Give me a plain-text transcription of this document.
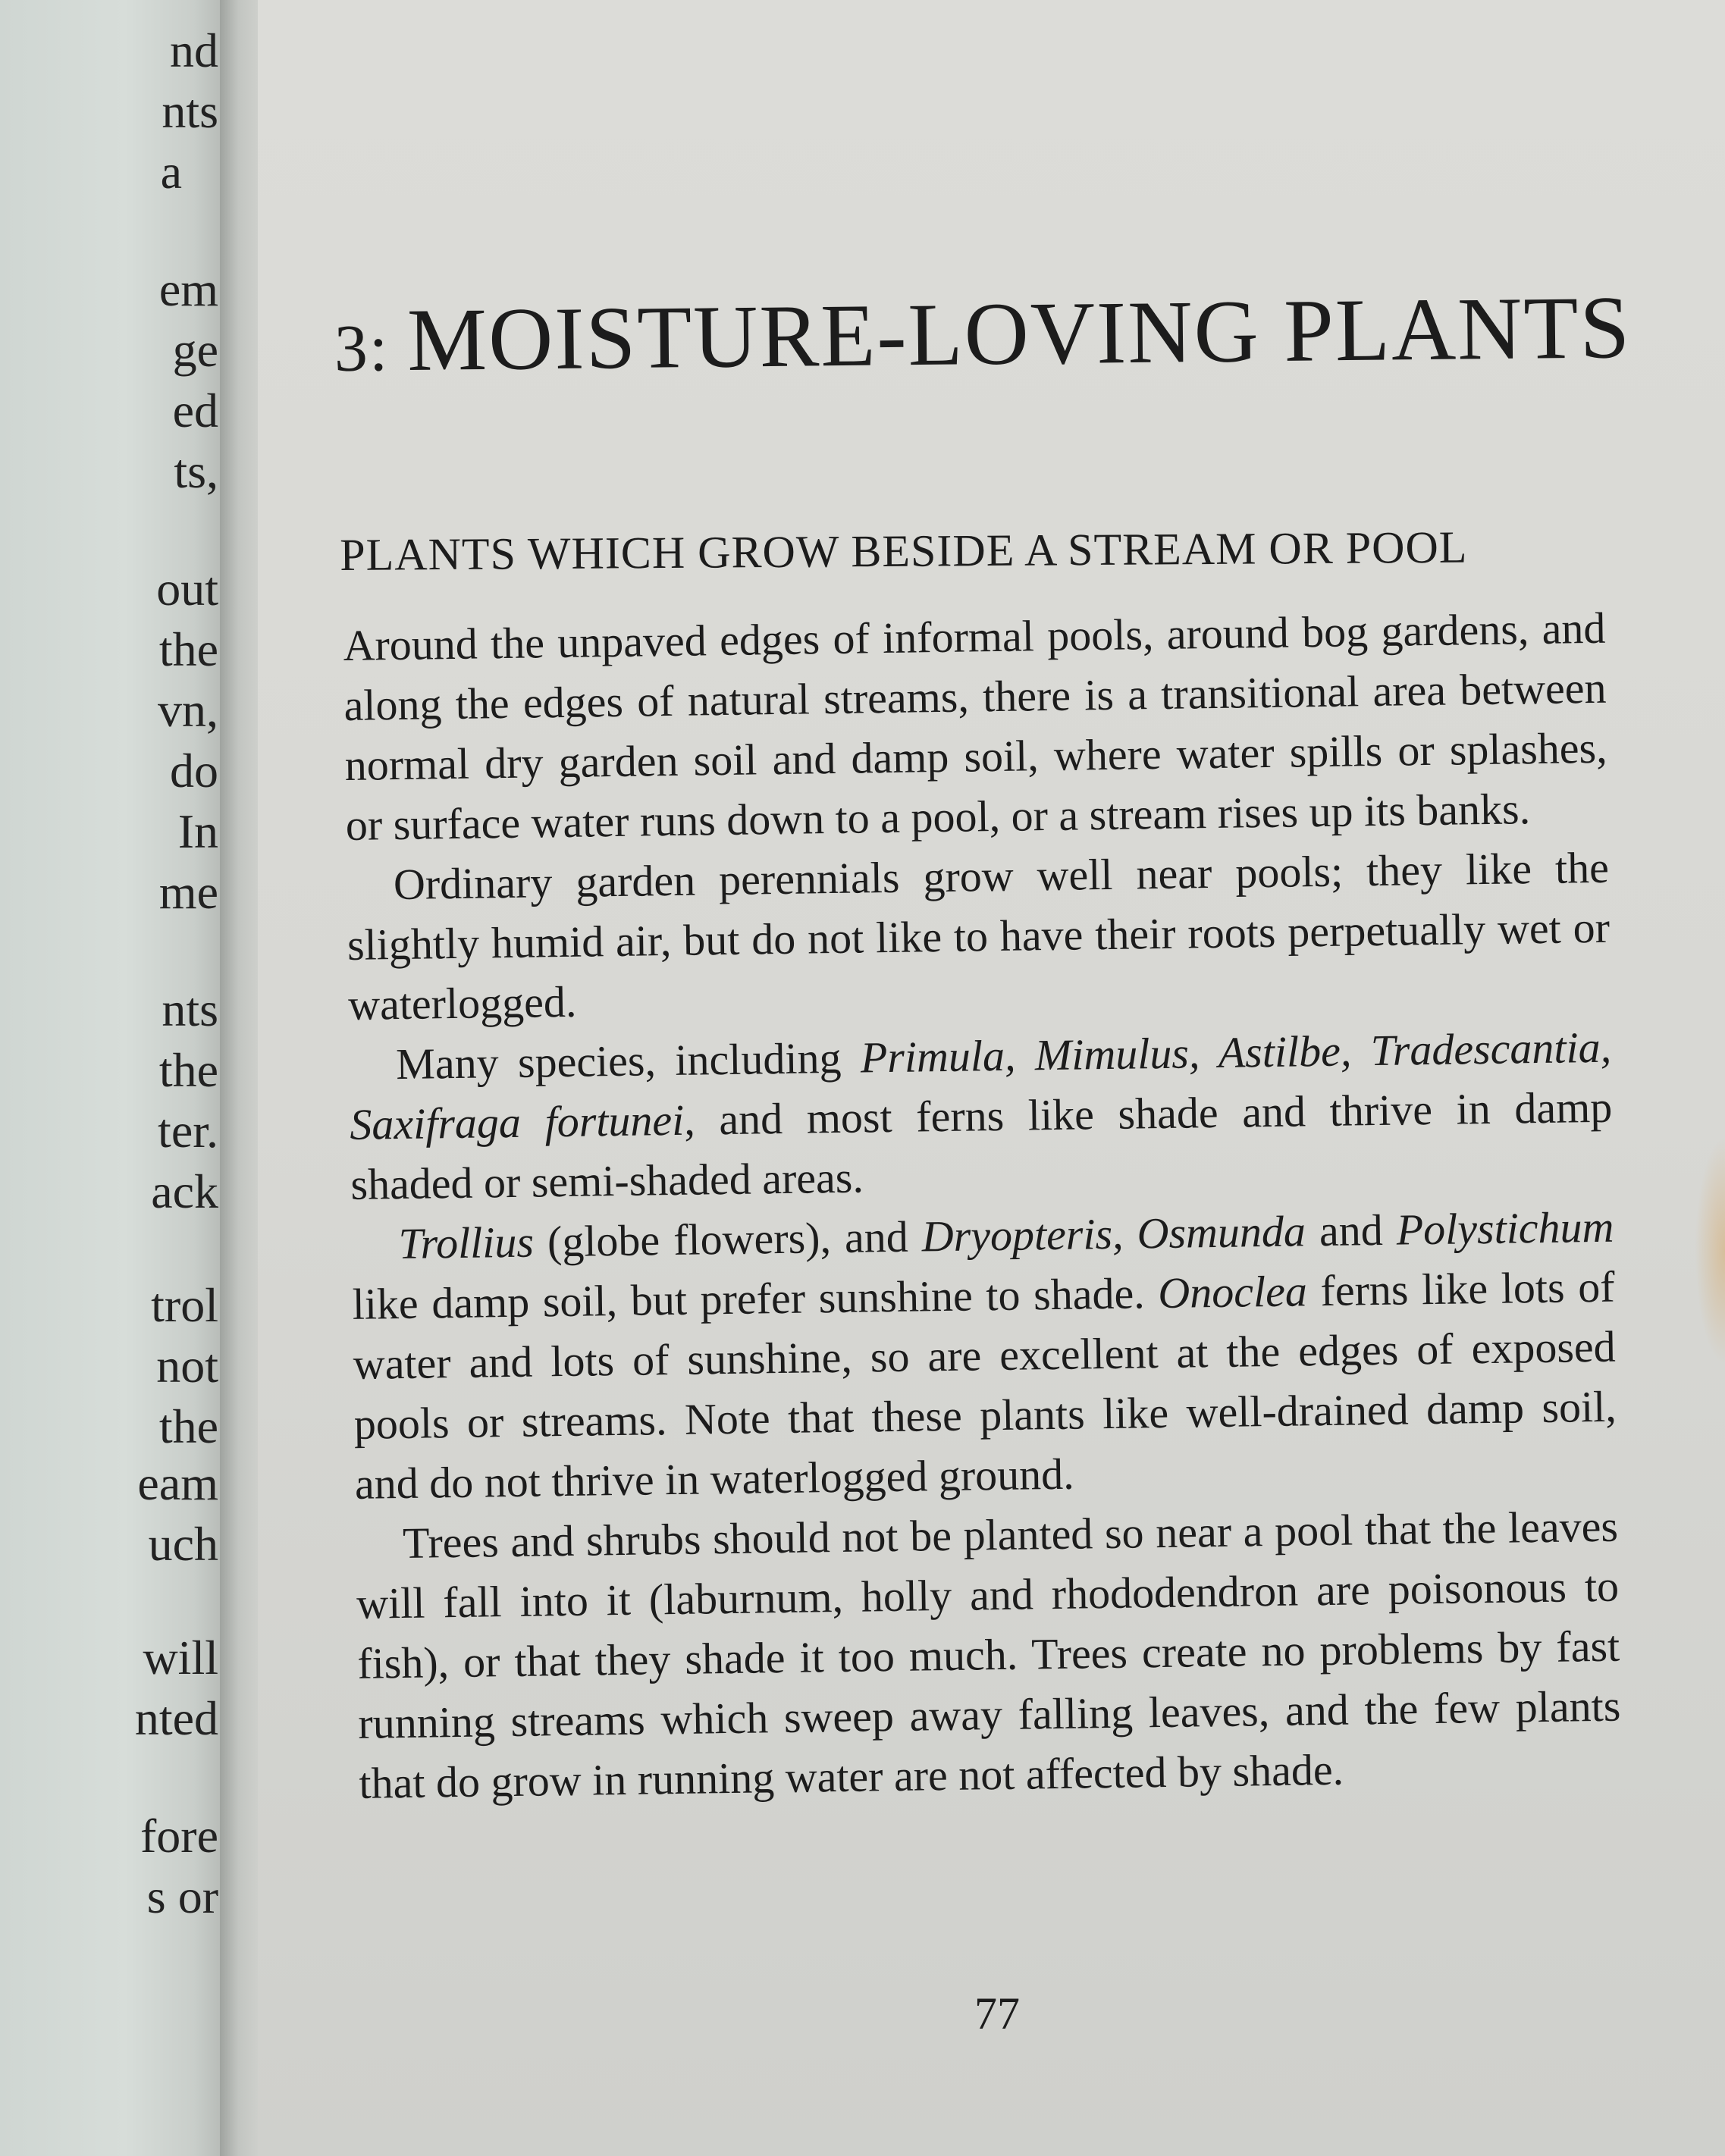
nd
nts
a
em
ge
ed
ts,
out
the
vn,
do
In
me
nts
the
ter.
ack
trol
not
the
eam
uch
will
nted
fore
s or
3: MOISTURE-LOVING PLANTS
PLANTS WHICH GROW BESIDE A STREAM OR POOL

Around the unpaved edges of informal pools, around bog gardens, and along the edges of natural streams, there is a transitional area between normal dry garden soil and damp soil, where water spills or splashes, or surface water runs down to a pool, or a stream rises up its banks.

Ordinary garden perennials grow well near pools; they like the slightly humid air, but do not like to have their roots perpetually wet or waterlogged.

Many species, including Primula, Mimulus, Astilbe, Tradescantia, Saxifraga fortunei, and most ferns like shade and thrive in damp shaded or semi-shaded areas.

Trollius (globe flowers), and Dryopteris, Osmunda and Polystichum like damp soil, but prefer sunshine to shade. Onoclea ferns like lots of water and lots of sunshine, so are excellent at the edges of exposed pools or streams. Note that these plants like well-drained damp soil, and do not thrive in waterlogged ground.

Trees and shrubs should not be planted so near a pool that the leaves will fall into it (laburnum, holly and rhododendron are poisonous to fish), or that they shade it too much. Trees create no problems by fast running streams which sweep away falling leaves, and the few plants that do grow in running water are not affected by shade.

77
